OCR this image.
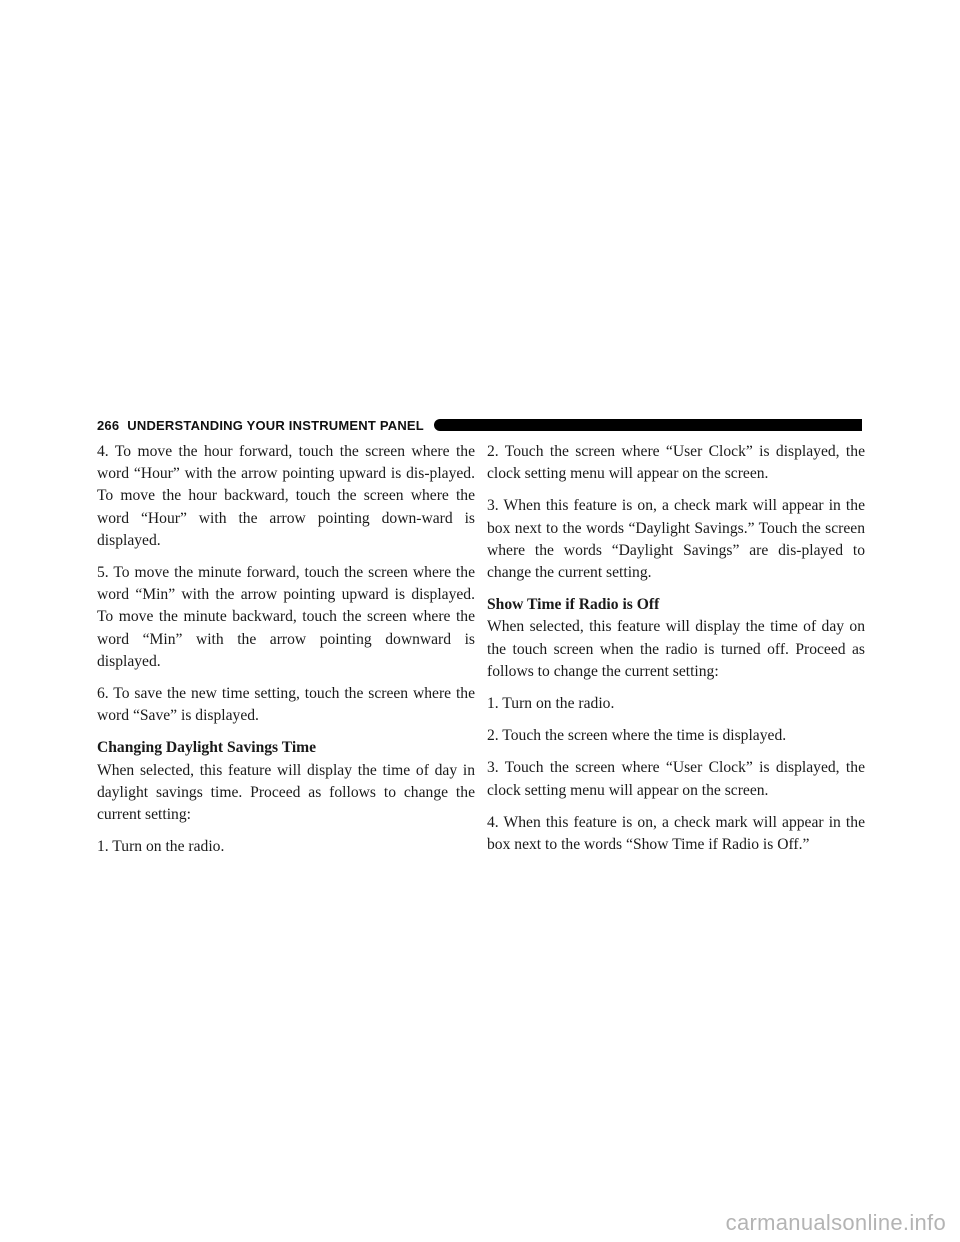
266 UNDERSTANDING YOUR INSTRUMENT PANEL

4. To move the hour forward, touch the screen where the word “Hour” with the arrow pointing upward is dis-played. To move the hour backward, touch the screen where the word “Hour” with the arrow pointing down-ward is displayed.

5. To move the minute forward, touch the screen where the word “Min” with the arrow pointing upward is displayed. To move the minute backward, touch the screen where the word “Min” with the arrow pointing downward is displayed.

6. To save the new time setting, touch the screen where the word “Save” is displayed.

Changing Daylight Savings Time

When selected, this feature will display the time of day in daylight savings time. Proceed as follows to change the current setting:

1. Turn on the radio.

2. Touch the screen where “User Clock” is displayed, the clock setting menu will appear on the screen.

3. When this feature is on, a check mark will appear in the box next to the words “Daylight Savings.” Touch the screen where the words “Daylight Savings” are dis-played to change the current setting.

Show Time if Radio is Off

When selected, this feature will display the time of day on the touch screen when the radio is turned off. Proceed as follows to change the current setting:

1. Turn on the radio.

2. Touch the screen where the time is displayed.

3. Touch the screen where “User Clock” is displayed, the clock setting menu will appear on the screen.

4. When this feature is on, a check mark will appear in the box next to the words “Show Time if Radio is Off.”

carmanualsonline.info
